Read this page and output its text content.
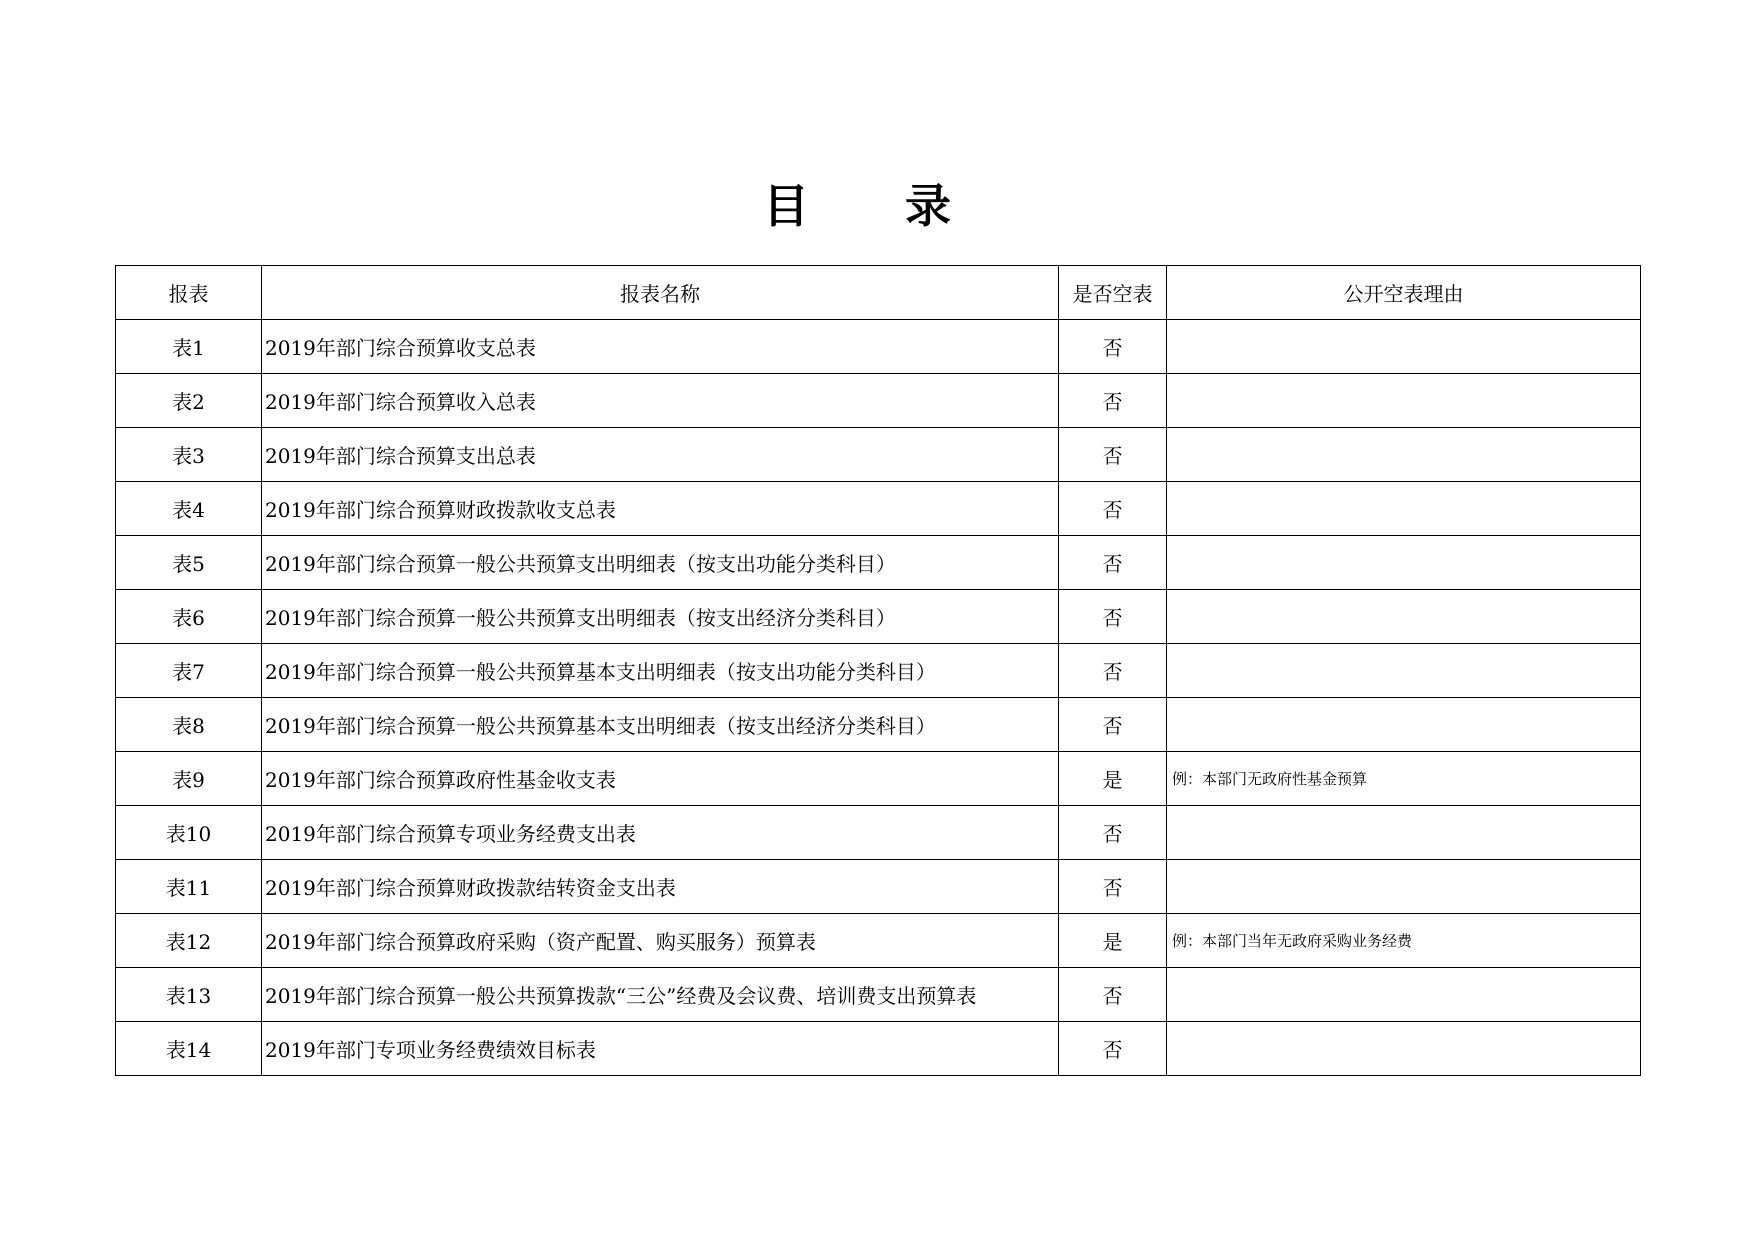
目 录
报表	报表名称	是否空表	公开空表理由
表1	2019年部门综合预算收支总表	否	
表2	2019年部门综合预算收入总表	否	
表3	2019年部门综合预算支出总表	否	
表4	2019年部门综合预算财政拨款收支总表	否	
表5	2019年部门综合预算一般公共预算支出明细表（按支出功能分类科目）	否	
表6	2019年部门综合预算一般公共预算支出明细表（按支出经济分类科目）	否	
表7	2019年部门综合预算一般公共预算基本支出明细表（按支出功能分类科目）	否	
表8	2019年部门综合预算一般公共预算基本支出明细表（按支出经济分类科目）	否	
表9	2019年部门综合预算政府性基金收支表	是	例：本部门无政府性基金预算
表10	2019年部门综合预算专项业务经费支出表	否	
表11	2019年部门综合预算财政拨款结转资金支出表	否	
表12	2019年部门综合预算政府采购（资产配置、购买服务）预算表	是	例：本部门当年无政府采购业务经费
表13	2019年部门综合预算一般公共预算拨款“三公”经费及会议费、培训费支出预算表	否	
表14	2019年部门专项业务经费绩效目标表	否	
